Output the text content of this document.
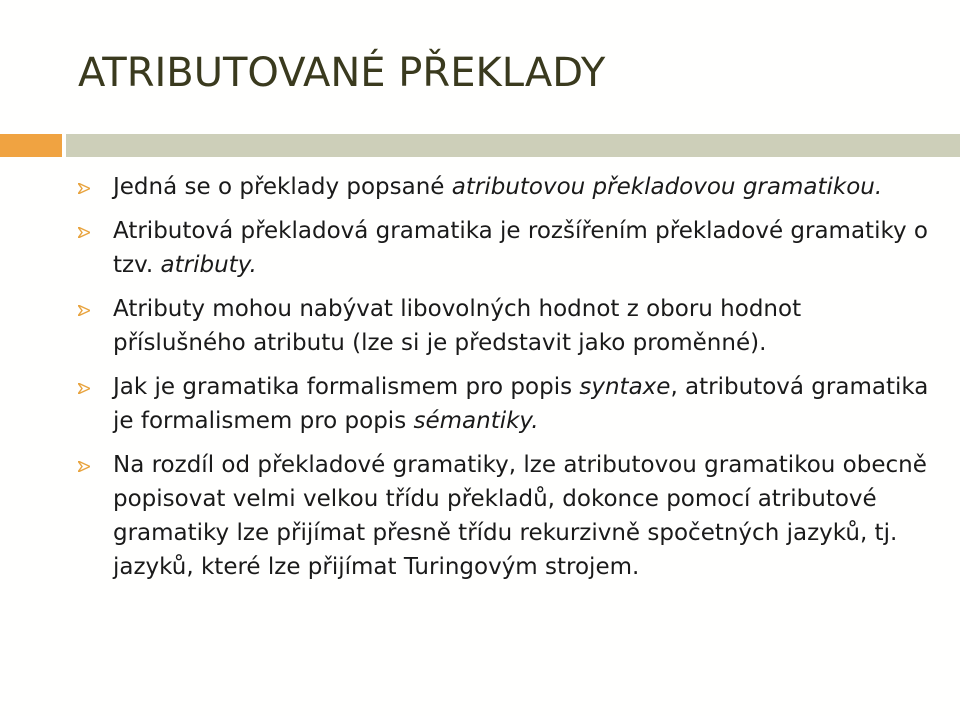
ATRIBUTOVANÉ PŘEKLADY
Jedná se o překlady popsané atributovou překladovou gramatikou.
Atributová překladová gramatika je rozšířením překladové gramatiky o tzv. atributy.
Atributy mohou nabývat libovolných hodnot z oboru hodnot příslušného atributu (lze si je představit jako proměnné).
Jak je gramatika formalismem pro popis syntaxe, atributová gramatika je formalismem pro popis sémantiky.
Na rozdíl od překladové gramatiky, lze atributovou gramatikou obecně popisovat velmi velkou třídu překladů, dokonce pomocí atributové gramatiky lze přijímat přesně třídu rekurzivně spočetných jazyků, tj. jazyků, které lze přijímat Turingovým strojem.
